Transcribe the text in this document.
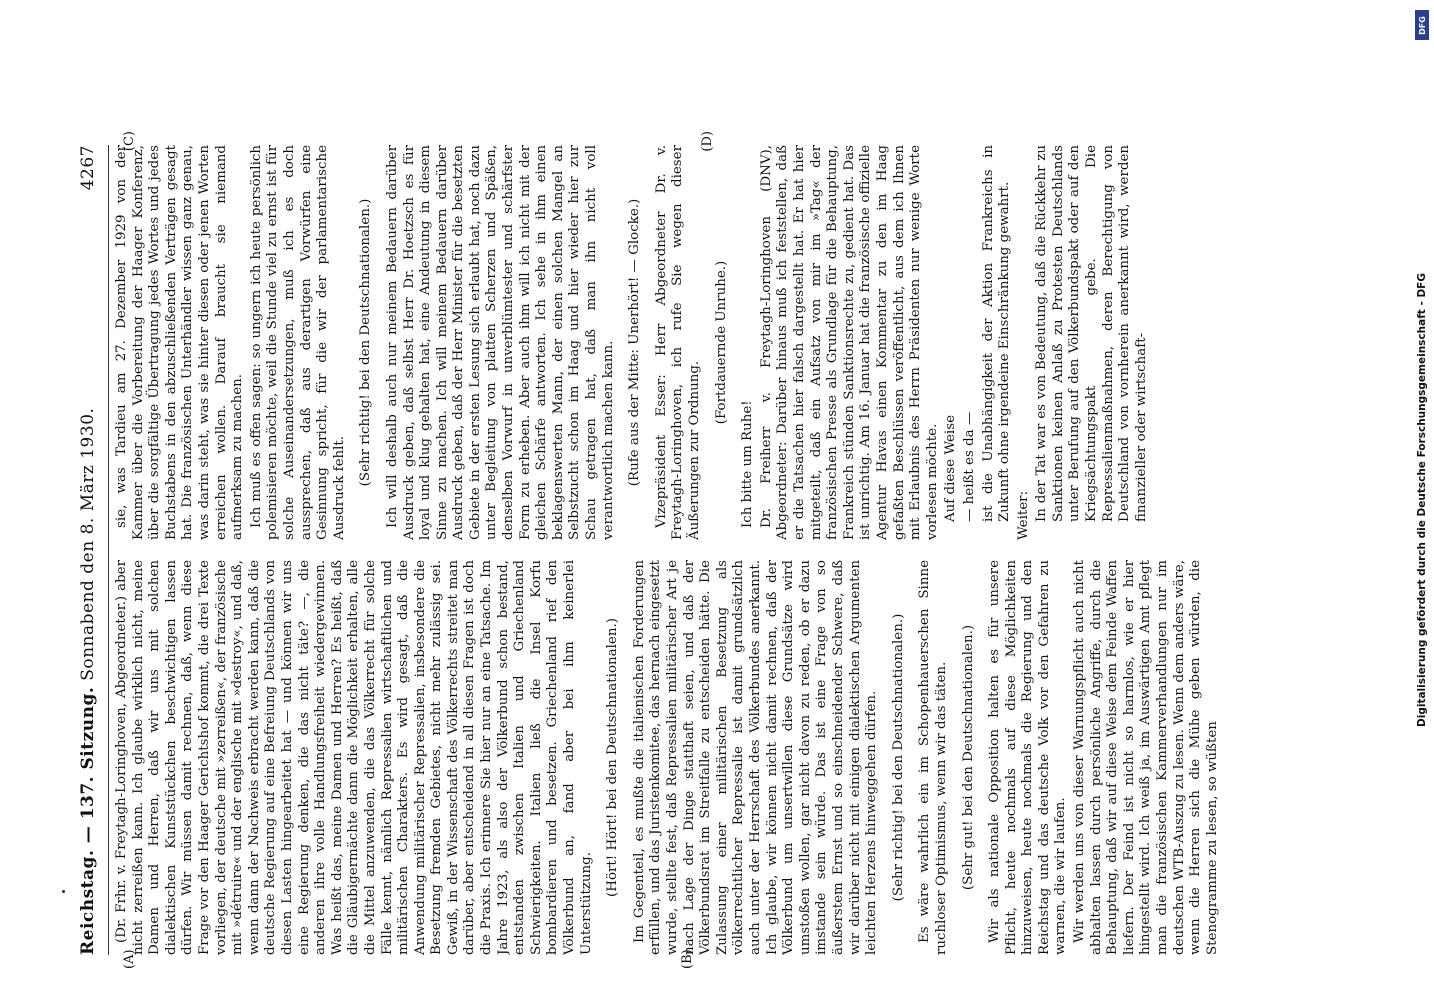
Reichstag. — 137. Sitzung. Sonnabend den 8. März 1930.
4267
(A)	(B)
(C)	(D)

(Dr. Frhr. v. Freytagh-Loringhoven, Abgeordneter.) aber nicht zerreißen kann. Ich glaube wirklich nicht, meine Damen und Herren, daß wir uns mit solchen dialektischen Kunststückchen beschwichtigen lassen dürfen. Wir müssen damit rechnen, daß, wenn diese Frage vor den Haager Gerichtshof kommt, die drei Texte vorliegen, der deutsche mit »zerreißen«, der französische mit »détruire« und der englische mit »destroy«, und daß, wenn dann der Nachweis erbracht werden kann, daß die deutsche Regierung auf eine Befreiung Deutschlands von diesen Lasten hingearbeitet hat — und können wir uns eine Regierung denken, die das nicht täte? —, die anderen ihre volle Handlungsfreiheit wiedergewinnen. Was heißt das, meine Damen und Herren? Es heißt, daß die Gläubigermächte dann die Möglichkeit erhalten, alle die Mittel anzuwenden, die das Völkerrecht für solche Fälle kennt, nämlich Repressalien wirtschaftlichen und militärischen Charakters. Es wird gesagt, daß die Anwendung militärischer Repressalien, insbesondere die Besetzung fremden Gebietes, nicht mehr zulässig sei. Gewiß, in der Wissenschaft des Völkerrechts streitet man darüber, aber entscheidend in all diesen Fragen ist doch die Praxis. Ich erinnere Sie hier nur an eine Tatsache. Im Jahre 1923, als also der Völkerbund schon bestand, entstanden zwischen Italien und Griechenland Schwierigkeiten. Italien ließ die Insel Korfu bombardieren und besetzen. Griechenland rief den Völkerbund an, fand aber bei ihm keinerlei Unterstützung.

(Hört! Hört! bei den Deutschnationalen.) Im Gegenteil, es mußte die italienischen Forderungen erfüllen, und das Juristenkomitee, das hernach eingesetzt wurde, stellte fest, daß Repressalien militärischer Art je nach Lage der Dinge statthaft seien, und daß der Völkerbundsrat im Streitfalle zu entscheiden hätte. Die Zulassung einer militärischen Besetzung als völkerrechtlicher Repressalie ist damit grundsätzlich auch unter der Herrschaft des Völkerbundes anerkannt. Ich glaube, wir können nicht damit rechnen, daß der Völkerbund um unsertwillen diese Grundsätze wird umstoßen wollen, gar nicht davon zu reden, ob er dazu imstande sein würde. Das ist eine Frage von so äußerstem Ernst und so einschneidender Schwere, daß wir darüber nicht mit einigen dialektischen Argumenten leichten Herzens hinweggehen dürfen. (Sehr richtig! bei den Deutschnationalen.) Es wäre wahrlich ein im Schopenhauerschen Sinne ruchloser Optimismus, wenn wir das täten. (Sehr gut! bei den Deutschnationalen.) Wir als nationale Opposition halten es für unsere Pflicht, heute nochmals auf diese Möglichkeiten hinzuweisen, heute nochmals die Regierung und den Reichstag und das deutsche Volk vor den Gefahren zu warnen, die wir laufen. Wir werden uns von dieser Warnungspflicht auch nicht abhalten lassen durch persönliche Angriffe, durch die Behauptung, daß wir auf diese Weise dem Feinde Waffen liefern. Der Feind ist nicht so harmlos, wie er hier hingestellt wird. Ich weiß ja, im Auswärtigen Amt pflegt man die französischen Kammerverhandlungen nur im deutschen WTB-Auszug zu lesen. Wenn dem anders wäre, wenn die Herren sich die Mühe geben würden, die Stenogramme zu lesen, so wüßten

sie, was Tardieu am 27. Dezember 1929 von der Kammer über die Vorbereitung der Haager Konferenz, über die sorgfältige Übertragung jedes Wortes und jedes Buchstabens in den abzuschließenden Verträgen gesagt hat. Die französischen Unterhändler wissen ganz genau, was darin steht, was sie hinter diesen oder jenen Worten erreichen wollen. Darauf braucht sie niemand aufmerksam zu machen. Ich muß es offen sagen: so ungern ich heute persönlich polemisieren möchte, weil die Stunde viel zu ernst ist für solche Auseinandersetzungen, muß ich es doch aussprechen, daß aus derartigen Vorwürfen eine Gesinnung spricht, für die wir der parlamentarische Ausdruck fehlt.

(Sehr richtig! bei den Deutschnationalen.) Ich will deshalb auch nur meinem Bedauern darüber Ausdruck geben, daß selbst Herr Dr. Hoetzsch es für loyal und klug gehalten hat, eine Andeutung in diesem Sinne zu machen. Ich will meinem Bedauern darüber Ausdruck geben, daß der Herr Minister für die besetzten Gebiete in der ersten Lesung sich erlaubt hat, noch dazu unter Begleitung von platten Scherzen und Späßen, denselben Vorwurf in unverblümtester und schärfster Form zu erheben. Aber auch ihm will ich nicht mit der gleichen Schärfe antworten. Ich sehe in ihm einen beklagenswerten Mann, der einen solchen Mangel an Selbstzucht schon im Haag und hier wieder hier zur Schau getragen hat, daß man ihn nicht voll verantwortlich machen kann. (Rufe aus der Mitte: Unerhört! — Glocke.) Vizepräsident Esser: Herr Abgeordneter Dr. v. Freytagh-Loringhoven, ich rufe Sie wegen dieser Äußerungen zur Ordnung.

(Fortdauernde Unruhe.)

Ich bitte um Ruhe! Dr. Freiherr v. Freytagh-Loringhoven (DNV), Abgeordneter: Darüber hinaus muß ich feststellen, daß er die Tatsachen hier falsch dargestellt hat. Er hat hier mitgeteilt, daß ein Aufsatz von mir im »Tag« der französischen Presse als Grundlage für die Behauptung, Frankreich stünden Sanktionsrechte zu, gedient hat. Das ist unrichtig. Am 16. Januar hat die französische offizielle Agentur Havas einen Kommentar zu den im Haag gefaßten Beschlüssen veröffentlicht, aus dem ich Ihnen mit Erlaubnis des Herrn Präsidenten nur wenige Worte vorlesen möchte. Auf diese Weise — heißt es da — ist die Unabhängigkeit der Aktion Frankreichs in Zukunft ohne irgendeine Einschränkung gewahrt. Weiter: In der Tat war es von Bedeutung, daß die Rückkehr zu Sanktionen keinen Anlaß zu Protesten Deutschlands unter Berufung auf den Völkerbundspakt oder auf den Kriegsächtungspakt gebe. Die Repressalienmaßnahmen, deren Berechtigung von Deutschland von vornherein anerkannt wird, werden finanzieller oder wirtschaft-

DFG
Digitalisierung gefördert durch die Deutsche Forschungsgemeinschaft - DFG
